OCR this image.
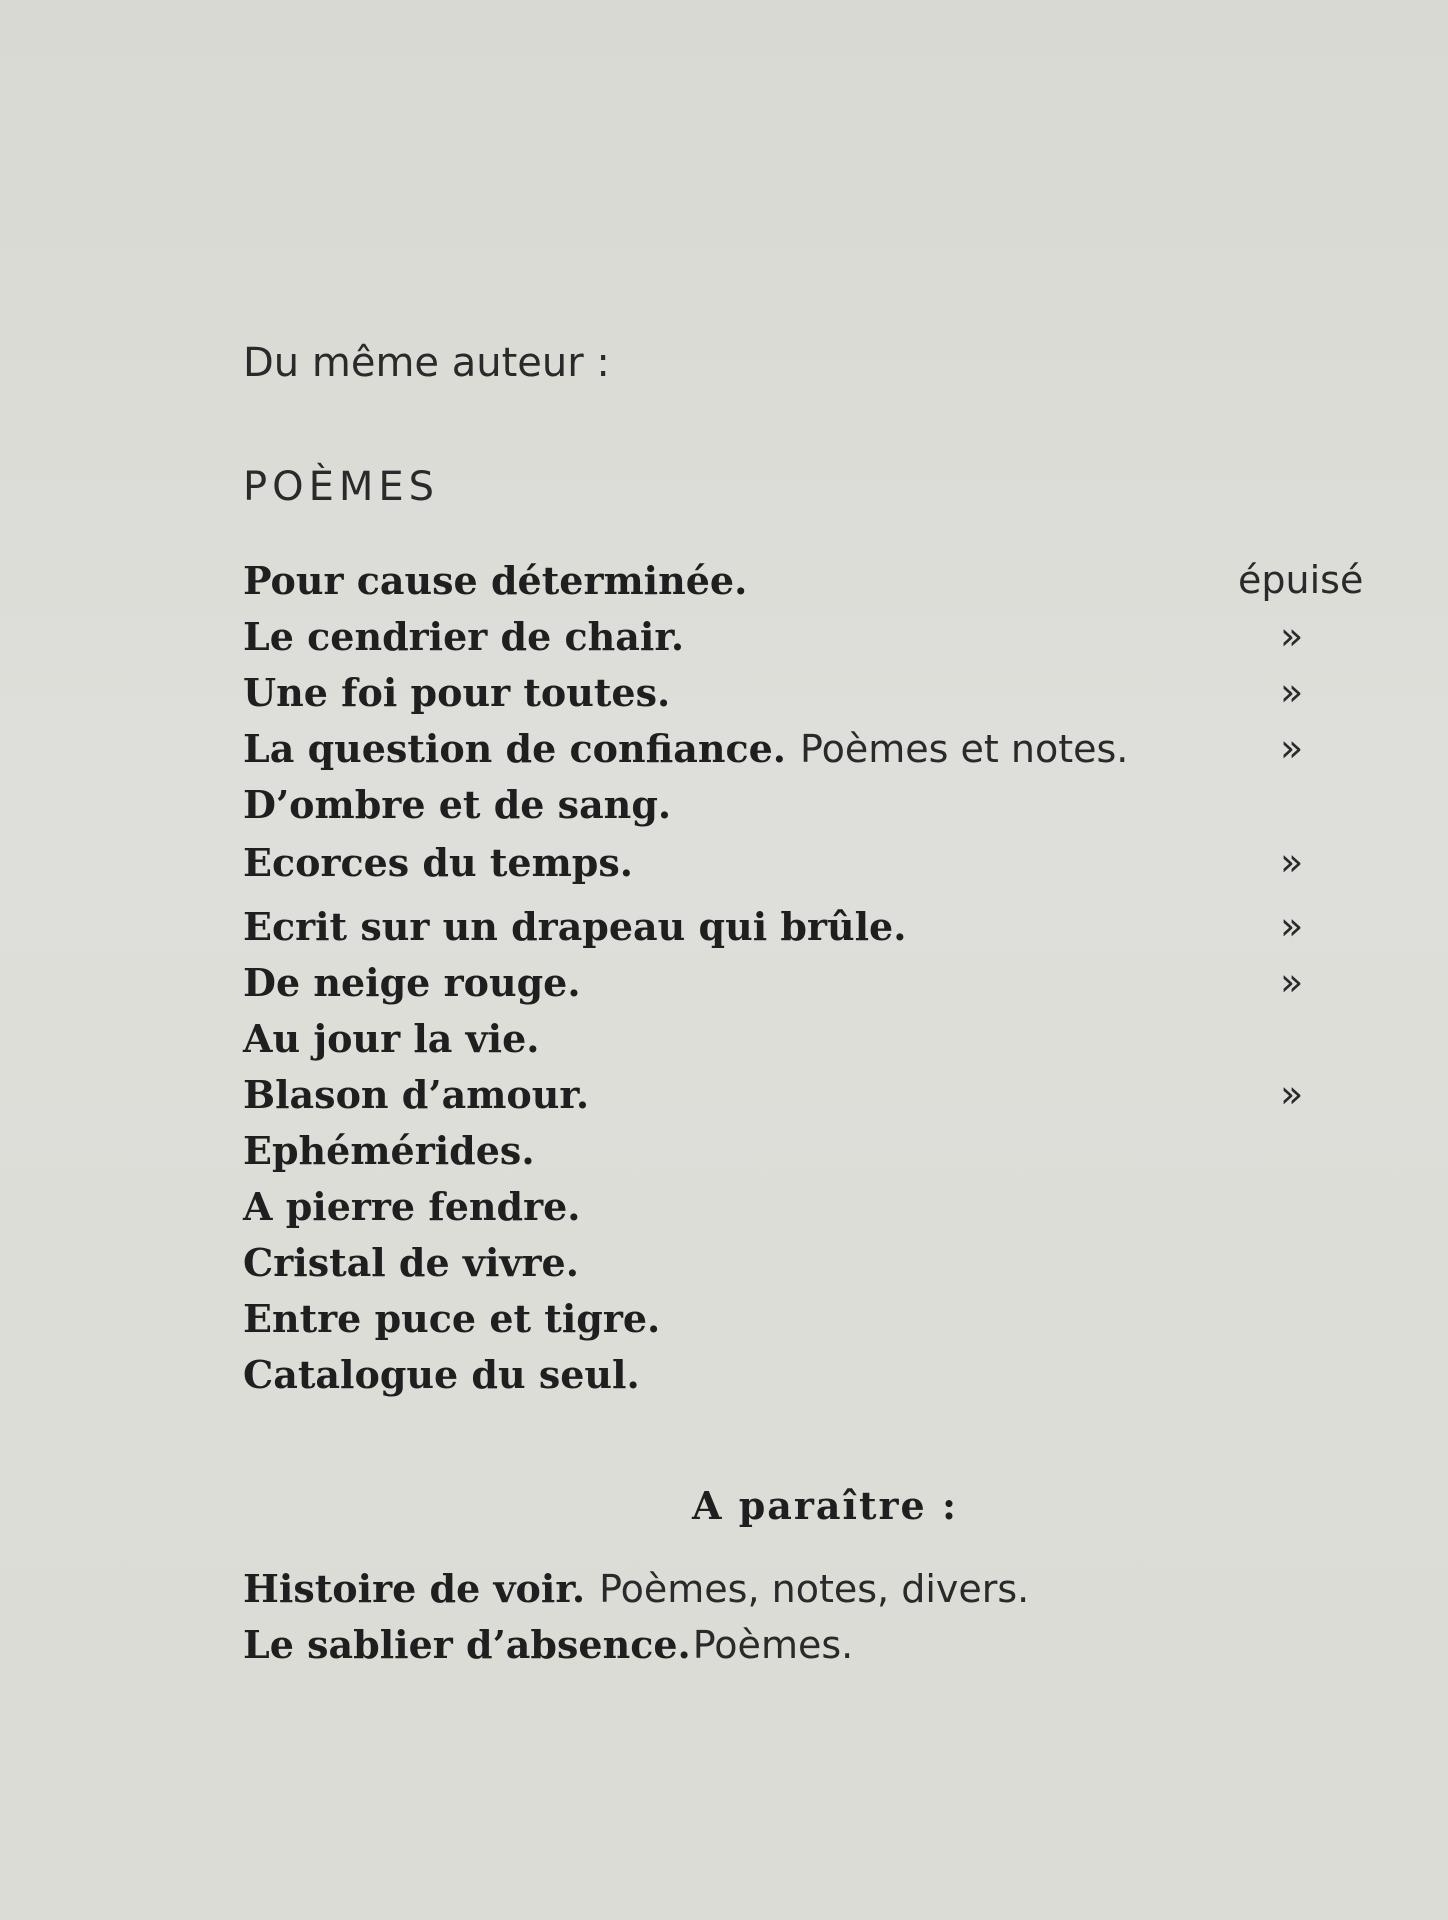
Du même auteur :
POÈMES
Pour cause déterminée.	épuisé
Le cendrier de chair.	»
Une foi pour toutes.	»
La question de confiance. Poèmes et notes.	»
D’ombre et de sang.
Ecorces du temps.	»
Ecrit sur un drapeau qui brûle.	»
De neige rouge.	»
Au jour la vie.
Blason d’amour.	»
Ephémérides.
A pierre fendre.
Cristal de vivre.
Entre puce et tigre.
Catalogue du seul.
A paraître :
Histoire de voir. Poèmes, notes, divers.
Le sablier d’absence.Poèmes.
